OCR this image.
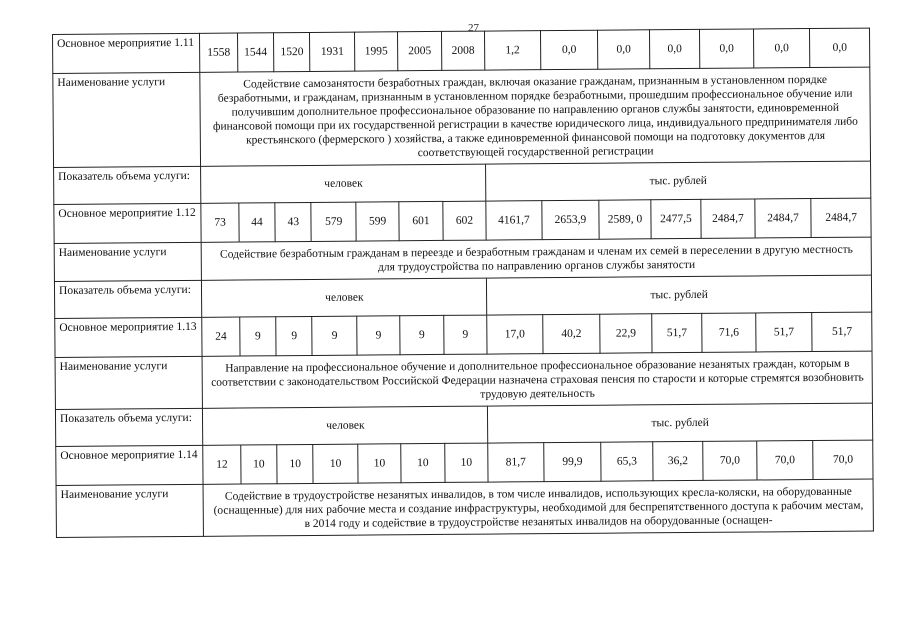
27
Основное мероприятие 1.11	1558	1544	1520	1931	1995	2005	2008	1,2	0,0	0,0	0,0	0,0	0,0	0,0
Наименование услуги	Содействие самозанятости безработных граждан, включая оказание гражданам, признанным в установленном порядке безработными, и гражданам, признанным в установленном порядке безработными, прошедшим профессиональное обучение или получившим дополнительное профессиональное образование по направлению органов службы занятости, единовременной финансовой помощи при их государственной регистрации в качестве юридического лица, индивидуального предпринимателя либо крестьянского (фермерского ) хозяйства, а также единовременной финансовой помощи на подготовку документов для соответствующей государственной регистрации													
Показатель объема услуги:	человек							тыс. рублей						
Основное мероприятие 1.12	73	44	43	579	599	601	602	4161,7	2653,9	2589, 0	2477,5	2484,7	2484,7	2484,7
Наименование услуги	Содействие безработным гражданам в переезде и безработным гражданам и членам их семей в переселении в другую местность для трудоустройства по направлению органов службы занятости													
Показатель объема услуги:	человек							тыс. рублей						
Основное мероприятие 1.13	24	9	9	9	9	9	9	17,0	40,2	22,9	51,7	71,6	51,7	51,7
Наименование услуги	Направление на профессиональное обучение и дополнительное профессиональное образование незанятых граждан, которым в соответствии с законодательством Российской Федерации назначена страховая пенсия по старости и которые стремятся возобновить трудовую деятельность													
Показатель объема услуги:	человек							тыс. рублей						
Основное мероприятие 1.14	12	10	10	10	10	10	10	81,7	99,9	65,3	36,2	70,0	70,0	70,0
Наименование услуги	Содействие в трудоустройстве незанятых инвалидов, в том числе инвалидов, использующих кресла-коляски, на оборудованные (оснащенные) для них рабочие места и создание инфраструктуры, необходимой для беспрепятственного доступа к рабочим местам, в 2014 году и содействие в трудоустройстве незанятых инвалидов на оборудованные (оснащен-													
